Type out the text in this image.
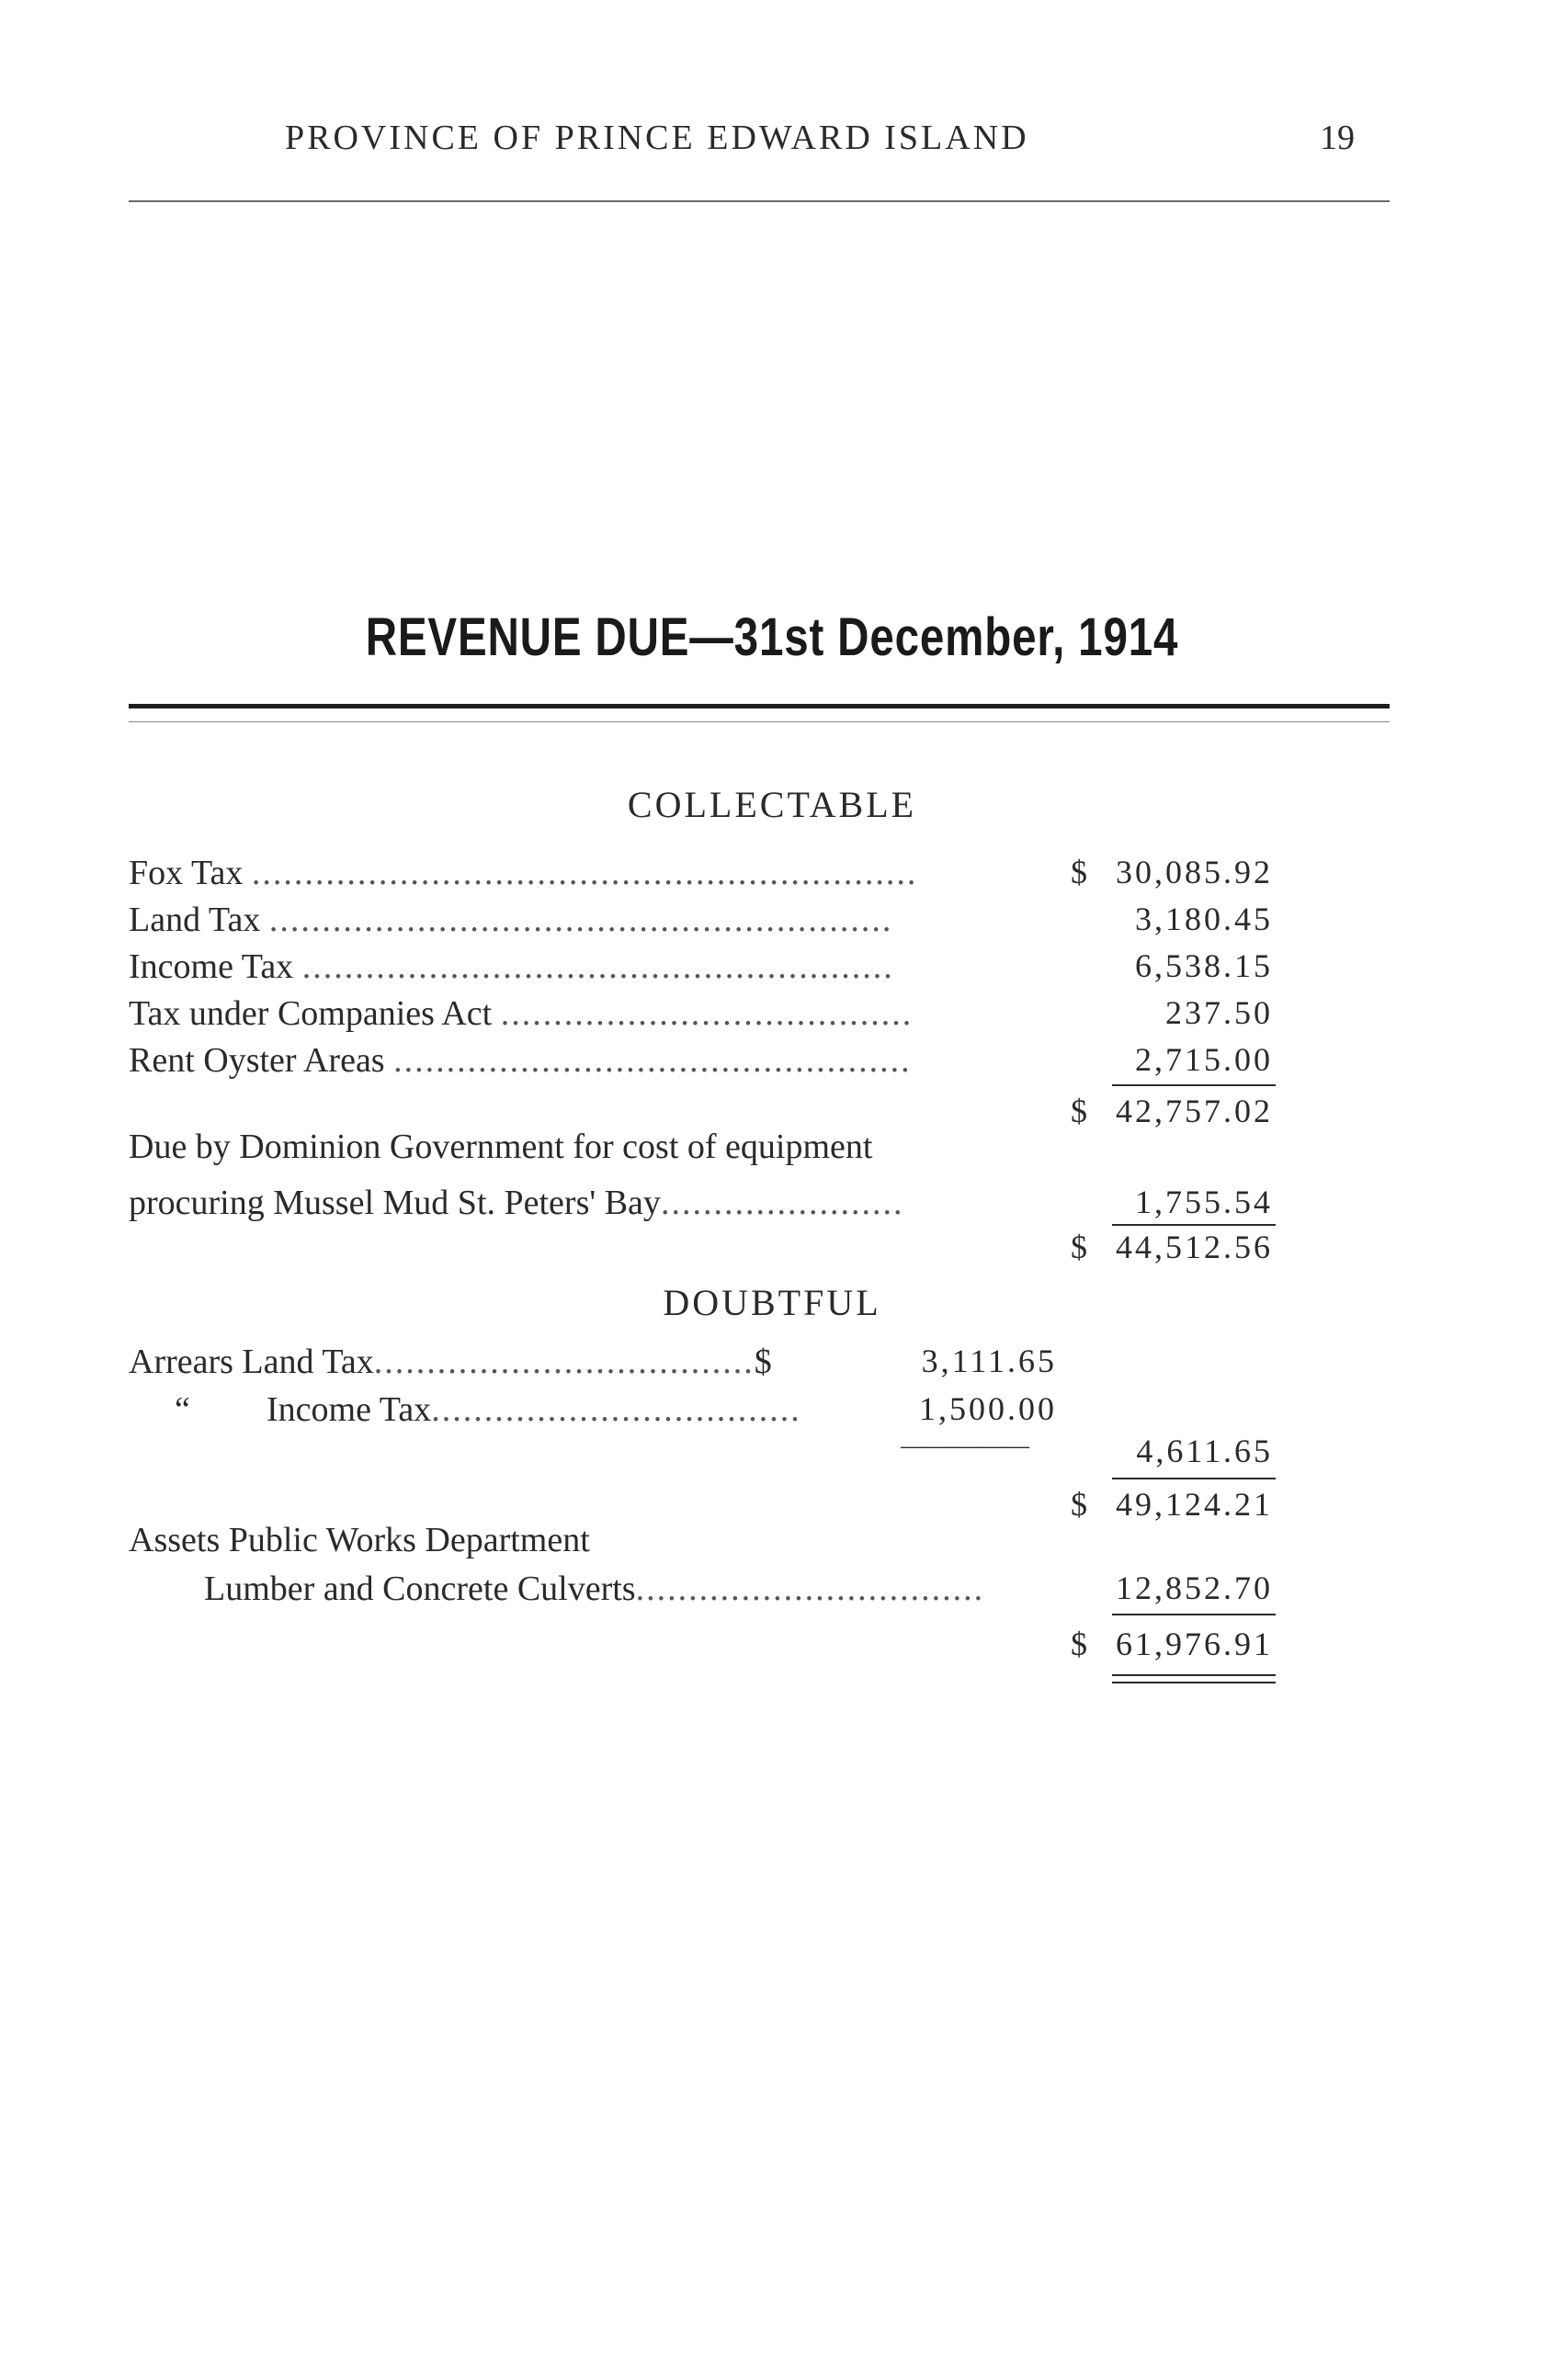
PROVINCE OF PRINCE EDWARD ISLAND	19
REVENUE DUE—31st December, 1914
COLLECTABLE
Fox Tax ...............................................................	$ 30,085.92
Land Tax ...........................................................	3,180.45
Income Tax ........................................................	6,538.15
Tax under Companies Act .......................................	237.50
Rent Oyster Areas .................................................	2,715.00
$ 42,757.02
Due by Dominion Government for cost of equipment
procuring Mussel Mud St. Peters' Bay.......................	1,755.54
$ 44,512.56
DOUBTFUL
Arrears Land Tax....................................$	3,111.65
“ Income Tax...................................	1,500.00
—————	4,611.65
$ 49,124.21
Assets Public Works Department
Lumber and Concrete Culverts.................................	12,852.70
$ 61,976.91
